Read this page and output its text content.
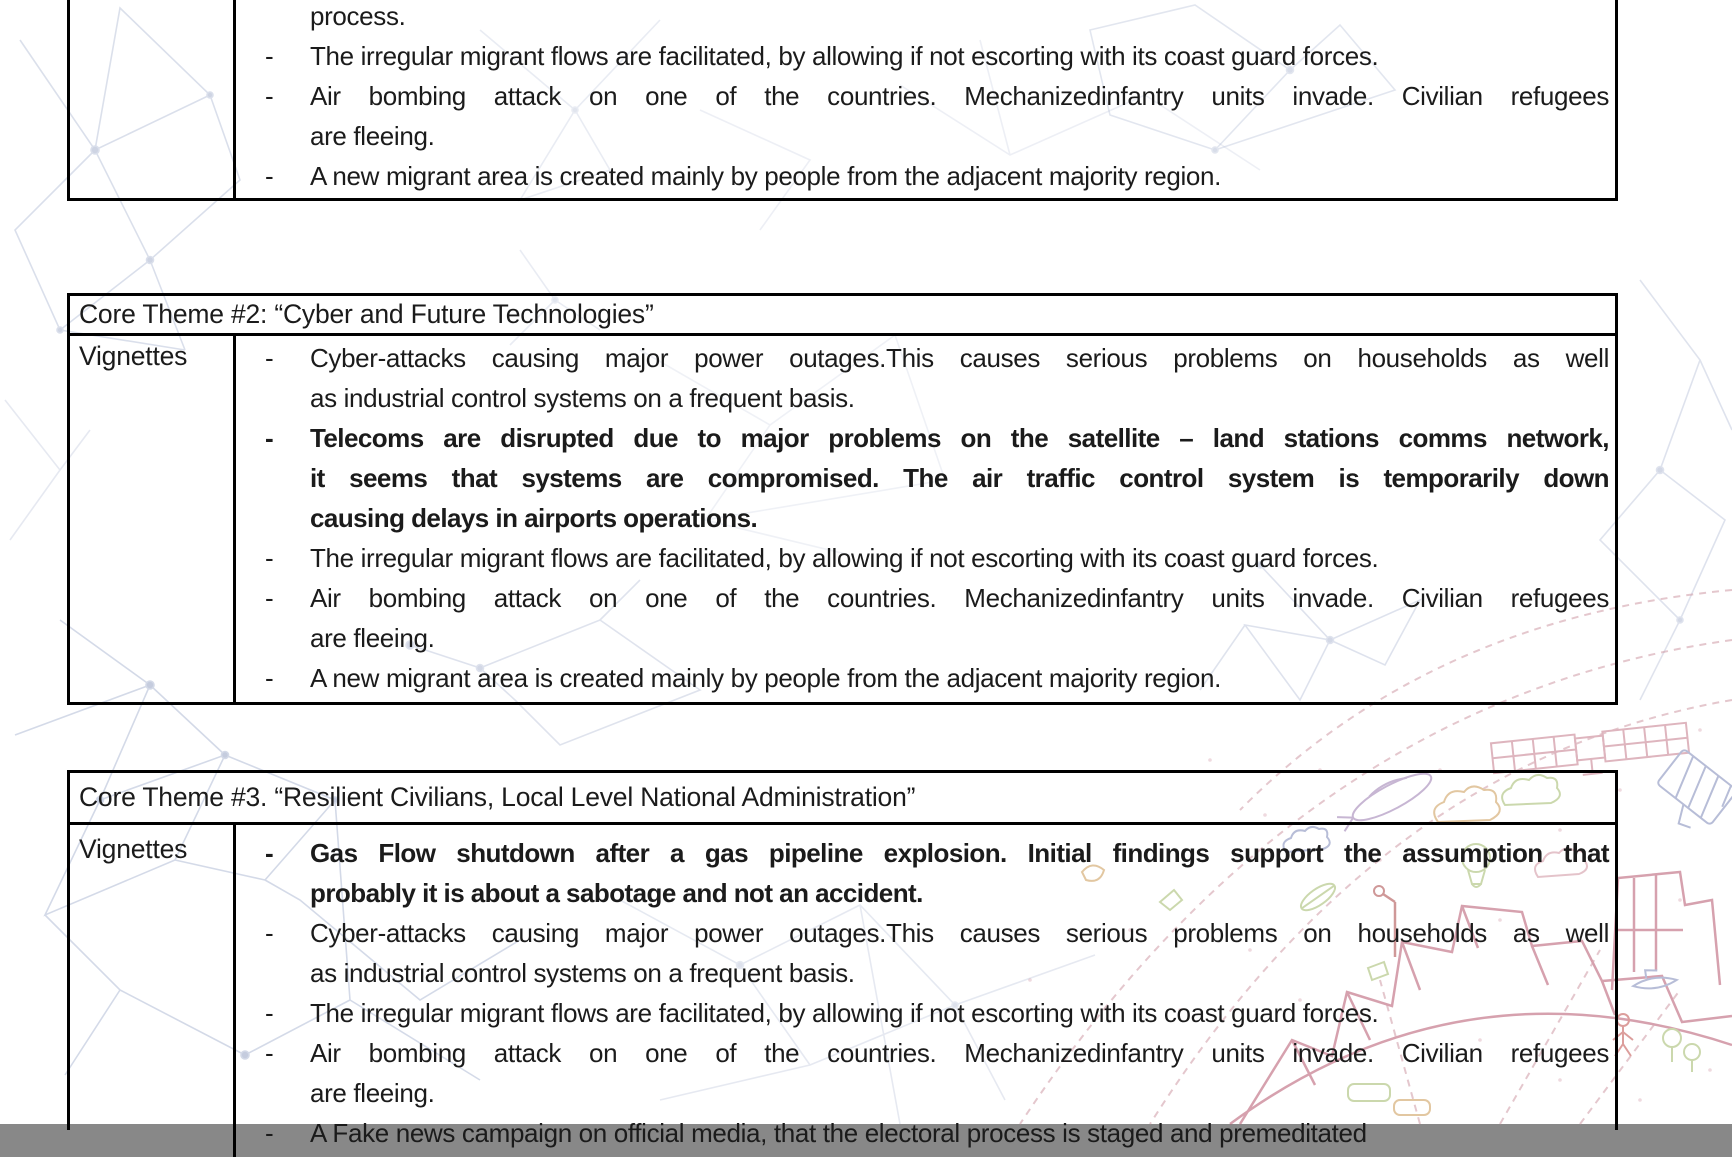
process.
- The irregular migrant flows are facilitated, by allowing if not escorting with its coast guard forces.
- Air bombing attack on one of the countries. Mechanizedinfantry units invade. Civilian refugees
are fleeing.
- A new migrant area is created mainly by people from the adjacent majority region.
Core Theme #2: “Cyber and Future Technologies”
Vignettes	- Cyber-attacks causing major power outages.This causes serious problems on households as well
as industrial control systems on a frequent basis.
- Telecoms are disrupted due to major problems on the satellite – land stations comms network,
it seems that systems are compromised. The air traffic control system is temporarily down
causing delays in airports operations.
- The irregular migrant flows are facilitated, by allowing if not escorting with its coast guard forces.
- Air bombing attack on one of the countries. Mechanizedinfantry units invade. Civilian refugees
are fleeing.
- A new migrant area is created mainly by people from the adjacent majority region.
Core Theme #3. “Resilient Civilians, Local Level National Administration”
Vignettes	- Gas Flow shutdown after a gas pipeline explosion. Initial findings support the assumption that
probably it is about a sabotage and not an accident.
- Cyber-attacks causing major power outages.This causes serious problems on households as well
as industrial control systems on a frequent basis.
- The irregular migrant flows are facilitated, by allowing if not escorting with its coast guard forces.
- Air bombing attack on one of the countries. Mechanizedinfantry units invade. Civilian refugees
are fleeing.
- A Fake news campaign on official media, that the electoral process is staged and premeditated
